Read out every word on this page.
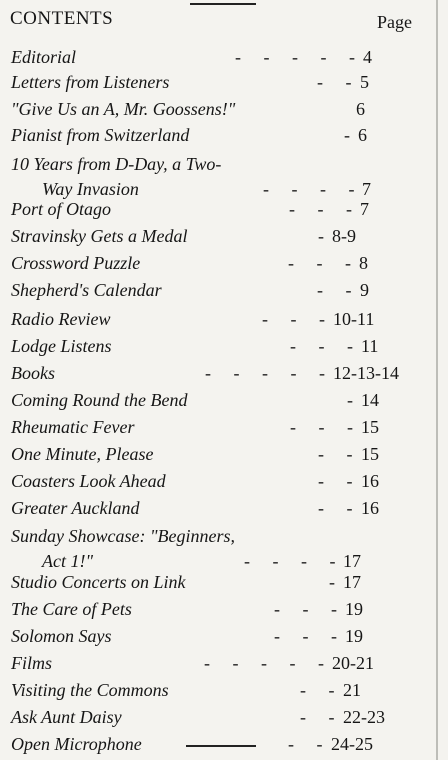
CONTENTS	Page
Editorial	-     -     -     -     - 4
Letters from Listeners	-     - 5
"Give Us an A, Mr. Goossens!"	6
Pianist from Switzerland	- 6
10 Years from D-Day, a Two-
Way Invasion	-     -     -     - 7
Port of Otago	-     -     - 7
Stravinsky Gets a Medal	- 8-9
Crossword Puzzle	-     -     - 8
Shepherd's Calendar	-     - 9
Radio Review	-     -     - 10-11
Lodge Listens	-     -     - 11
Books	-     -     -     -     - 12-13-14
Coming Round the Bend	- 14
Rheumatic Fever	-     -     - 15
One Minute, Please	-     - 15
Coasters Look Ahead	-     - 16
Greater Auckland	-     - 16
Sunday Showcase: "Beginners,
Act 1!"	-     -     -     - 17
Studio Concerts on Link	- 17
The Care of Pets	-     -     - 19
Solomon Says	-     -     - 19
Films	-     -     -     -     - 20-21
Visiting the Commons	-     - 21
Ask Aunt Daisy	-     - 22-23
Open Microphone	-     - 24-25
